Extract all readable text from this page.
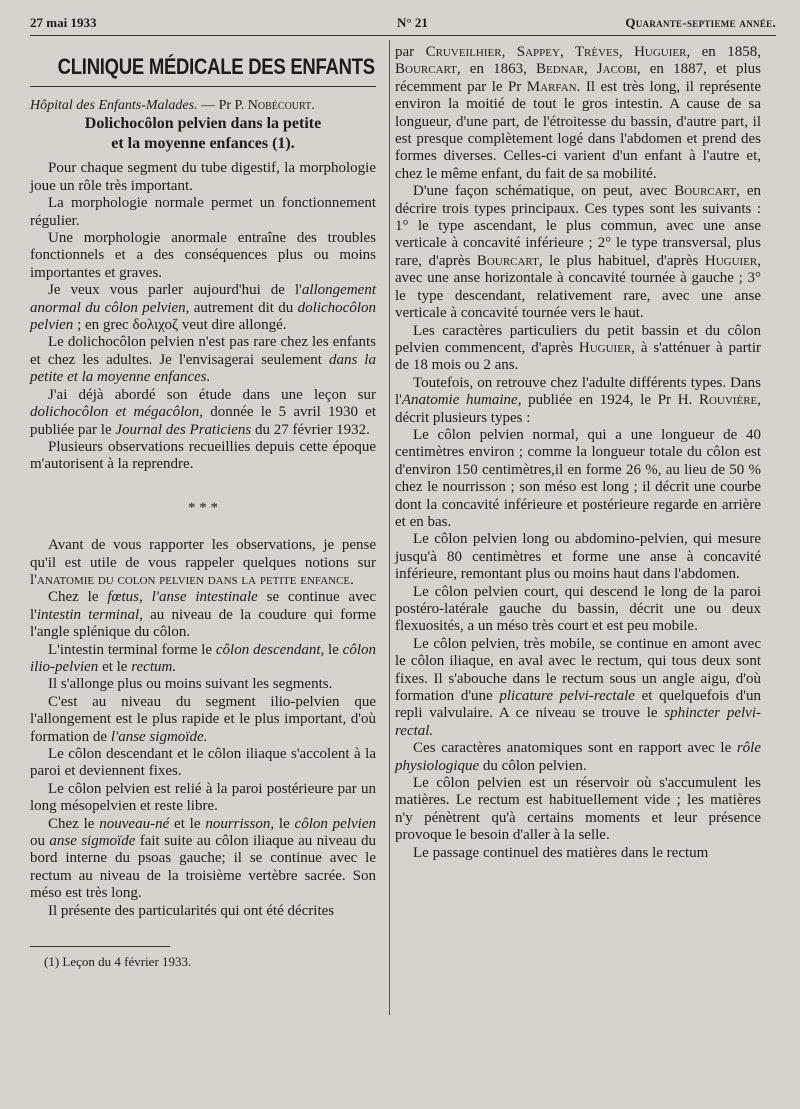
27 mai 1933	N° 21	Quarante-septieme année.
CLINIQUE MÉDICALE DES ENFANTS

Hôpital des Enfants-Malades. — Pr P. Nobécourt.

Dolichocôlon pelvien dans la petite
et la moyenne enfances (1).

Pour chaque segment du tube digestif, la morphologie joue un rôle très important.

La morphologie normale permet un fonctionnement régulier.

Une morphologie anormale entraîne des troubles fonctionnels et a des conséquences plus ou moins importantes et graves.

Je veux vous parler aujourd'hui de l'allongement anormal du côlon pelvien, autrement dit du dolichocôlon pelvien ; en grec δολιχοζ veut dire allongé.

Le dolichocôlon pelvien n'est pas rare chez les enfants et chez les adultes. Je l'envisagerai seulement dans la petite et la moyenne enfances.

J'ai déjà abordé son étude dans une leçon sur dolichocôlon et mégacôlon, donnée le 5 avril 1930 et publiée par le Journal des Praticiens du 27 février 1932.

Plusieurs observations recueillies depuis cette époque m'autorisent à la reprendre.

* * *

Avant de vous rapporter les observations, je pense qu'il est utile de vous rappeler quelques notions sur l'anatomie du colon pelvien dans la petite enfance.

Chez le fœtus, l'anse intestinale se continue avec l'intestin terminal, au niveau de la coudure qui forme l'angle splénique du côlon.

L'intestin terminal forme le côlon descendant, le côlon ilio-pelvien et le rectum.

Il s'allonge plus ou moins suivant les segments.

C'est au niveau du segment ilio-pelvien que l'allongement est le plus rapide et le plus important, d'où formation de l'anse sigmoïde.

Le côlon descendant et le côlon iliaque s'accolent à la paroi et deviennent fixes.

Le côlon pelvien est relié à la paroi postérieure par un long mésopelvien et reste libre.

Chez le nouveau-né et le nourrisson, le côlon pelvien ou anse sigmoïde fait suite au côlon iliaque au niveau du bord interne du psoas gauche; il se continue avec le rectum au niveau de la troisième vertèbre sacrée. Son méso est très long.

Il présente des particularités qui ont été décrites

(1) Leçon du 4 février 1933.

par Cruveilhier, Sappey, Trèves, Huguier, en 1858, Bourcart, en 1863, Bednar, Jacobi, en 1887, et plus récemment par le Pr Marfan. Il est très long, il représente environ la moitié de tout le gros intestin. A cause de sa longueur, d'une part, de l'étroitesse du bassin, d'autre part, il est presque complètement logé dans l'abdomen et prend des formes diverses. Celles-ci varient d'un enfant à l'autre et, chez le même enfant, du fait de sa mobilité.

D'une façon schématique, on peut, avec Bourcart, en décrire trois types principaux. Ces types sont les suivants : 1° le type ascendant, le plus commun, avec une anse verticale à concavité inférieure ; 2° le type transversal, plus rare, d'après Bourcart, le plus habituel, d'après Huguier, avec une anse horizontale à concavité tournée à gauche ; 3° le type descendant, relativement rare, avec une anse verticale à concavité tournée vers le haut.

Les caractères particuliers du petit bassin et du côlon pelvien commencent, d'après Huguier, à s'atténuer à partir de 18 mois ou 2 ans.

Toutefois, on retrouve chez l'adulte différents types. Dans l'Anatomie humaine, publiée en 1924, le Pr H. Rouvière, décrit plusieurs types :

Le côlon pelvien normal, qui a une longueur de 40 centimètres environ ; comme la longueur totale du côlon est d'environ 150 centimètres,il en forme 26 %, au lieu de 50 % chez le nourrisson ; son méso est long ; il décrit une courbe dont la concavité inférieure et postérieure regarde en arrière et en bas.

Le côlon pelvien long ou abdomino-pelvien, qui mesure jusqu'à 80 centimètres et forme une anse à concavité inférieure, remontant plus ou moins haut dans l'abdomen.

Le côlon pelvien court, qui descend le long de la paroi postéro-latérale gauche du bassin, décrit une ou deux flexuosités, a un méso très court et est peu mobile.

Le côlon pelvien, très mobile, se continue en amont avec le côlon iliaque, en aval avec le rectum, qui tous deux sont fixes. Il s'abouche dans le rectum sous un angle aigu, d'où formation d'une plicature pelvi-rectale et quelquefois d'un repli valvulaire. A ce niveau se trouve le sphincter pelvi-rectal.

Ces caractères anatomiques sont en rapport avec le rôle physiologique du côlon pelvien.

Le côlon pelvien est un réservoir où s'accumulent les matières. Le rectum est habituellement vide ; les matières n'y pénètrent qu'à certains moments et leur présence provoque le besoin d'aller à la selle.

Le passage continuel des matières dans le rectum
